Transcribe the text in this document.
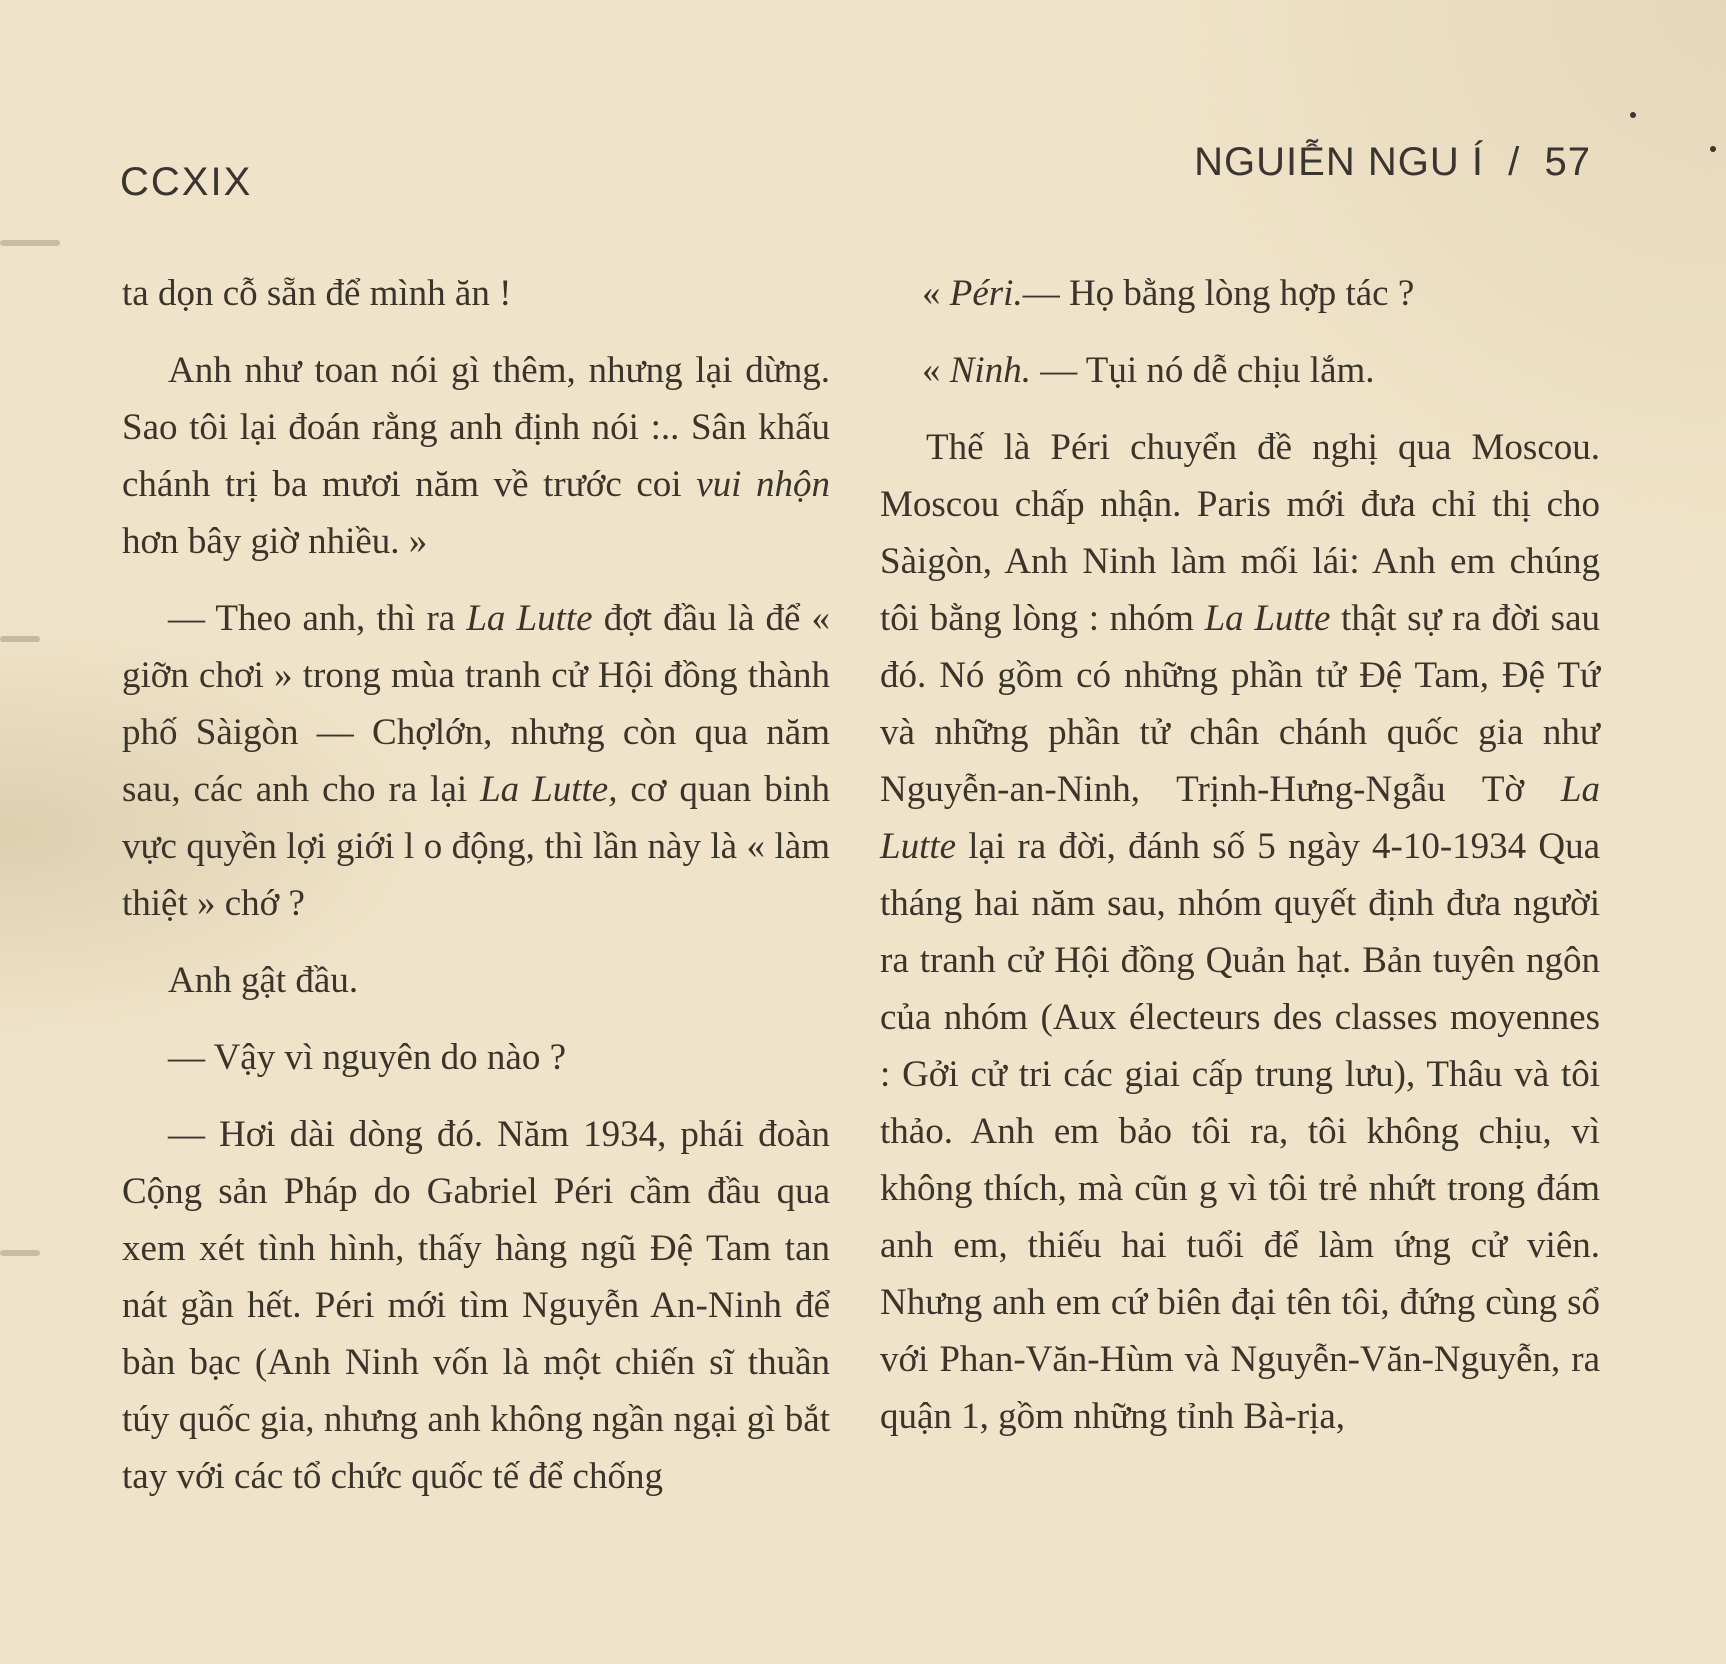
CCXIX	NGUIỄN NGU Í  /  57

ta dọn cỗ sẵn để mình ăn !

Anh như toan nói gì thêm, nhưng lại dừng. Sao tôi lại đoán rằng anh định nói :.. Sân khấu chánh trị ba mươi năm về trước coi vui nhộn hơn bây giờ nhiều. »

— Theo anh, thì ra La Lutte đợt đầu là để « giỡn chơi » trong mùa tranh cử Hội đồng thành phố Sàigòn — Chợlớn, nhưng còn qua năm sau, các anh cho ra lại La Lutte, cơ quan binh vực quyền lợi giới l o động, thì lần này là « làm thiệt » chớ ?

Anh gật đầu.

— Vậy vì nguyên do nào ?

— Hơi dài dòng đó. Năm 1934, phái đoàn Cộng sản Pháp do Gabriel Péri cầm đầu qua xem xét tình hình, thấy hàng ngũ Đệ Tam tan nát gần hết. Péri mới tìm Nguyễn An-Ninh để bàn bạc (Anh Ninh vốn là một chiến sĩ thuần túy quốc gia, nhưng anh không ngần ngại gì bắt tay với các tổ chức quốc tế để chống

« Péri.— Họ bằng lòng hợp tác ?

« Ninh. — Tụi nó dễ chịu lắm.

Thế là Péri chuyển đề nghị qua Moscou. Moscou chấp nhận. Paris mới đưa chỉ thị cho Sàigòn, Anh Ninh làm mối lái: Anh em chúng tôi bằng lòng : nhóm La Lutte thật sự ra đời sau đó. Nó gồm có những phần tử Đệ Tam, Đệ Tứ và những phần tử chân chánh quốc gia như Nguyễn-an-Ninh, Trịnh-Hưng-Ngẫu Tờ La Lutte lại ra đời, đánh số 5 ngày 4-10-1934 Qua tháng hai năm sau, nhóm quyết định đưa người ra tranh cử Hội đồng Quản hạt. Bản tuyên ngôn của nhóm (Aux électeurs des classes moyennes : Gởi cử tri các giai cấp trung lưu), Thâu và tôi thảo. Anh em bảo tôi ra, tôi không chịu, vì không thích, mà cũn g vì tôi trẻ nhứt trong đám anh em, thiếu hai tuổi để làm ứng cử viên. Nhưng anh em cứ biên đại tên tôi, đứng cùng sổ với Phan-Văn-Hùm và Nguyễn-Văn-Nguyễn, ra quận 1, gồm những tỉnh Bà-rịa,
